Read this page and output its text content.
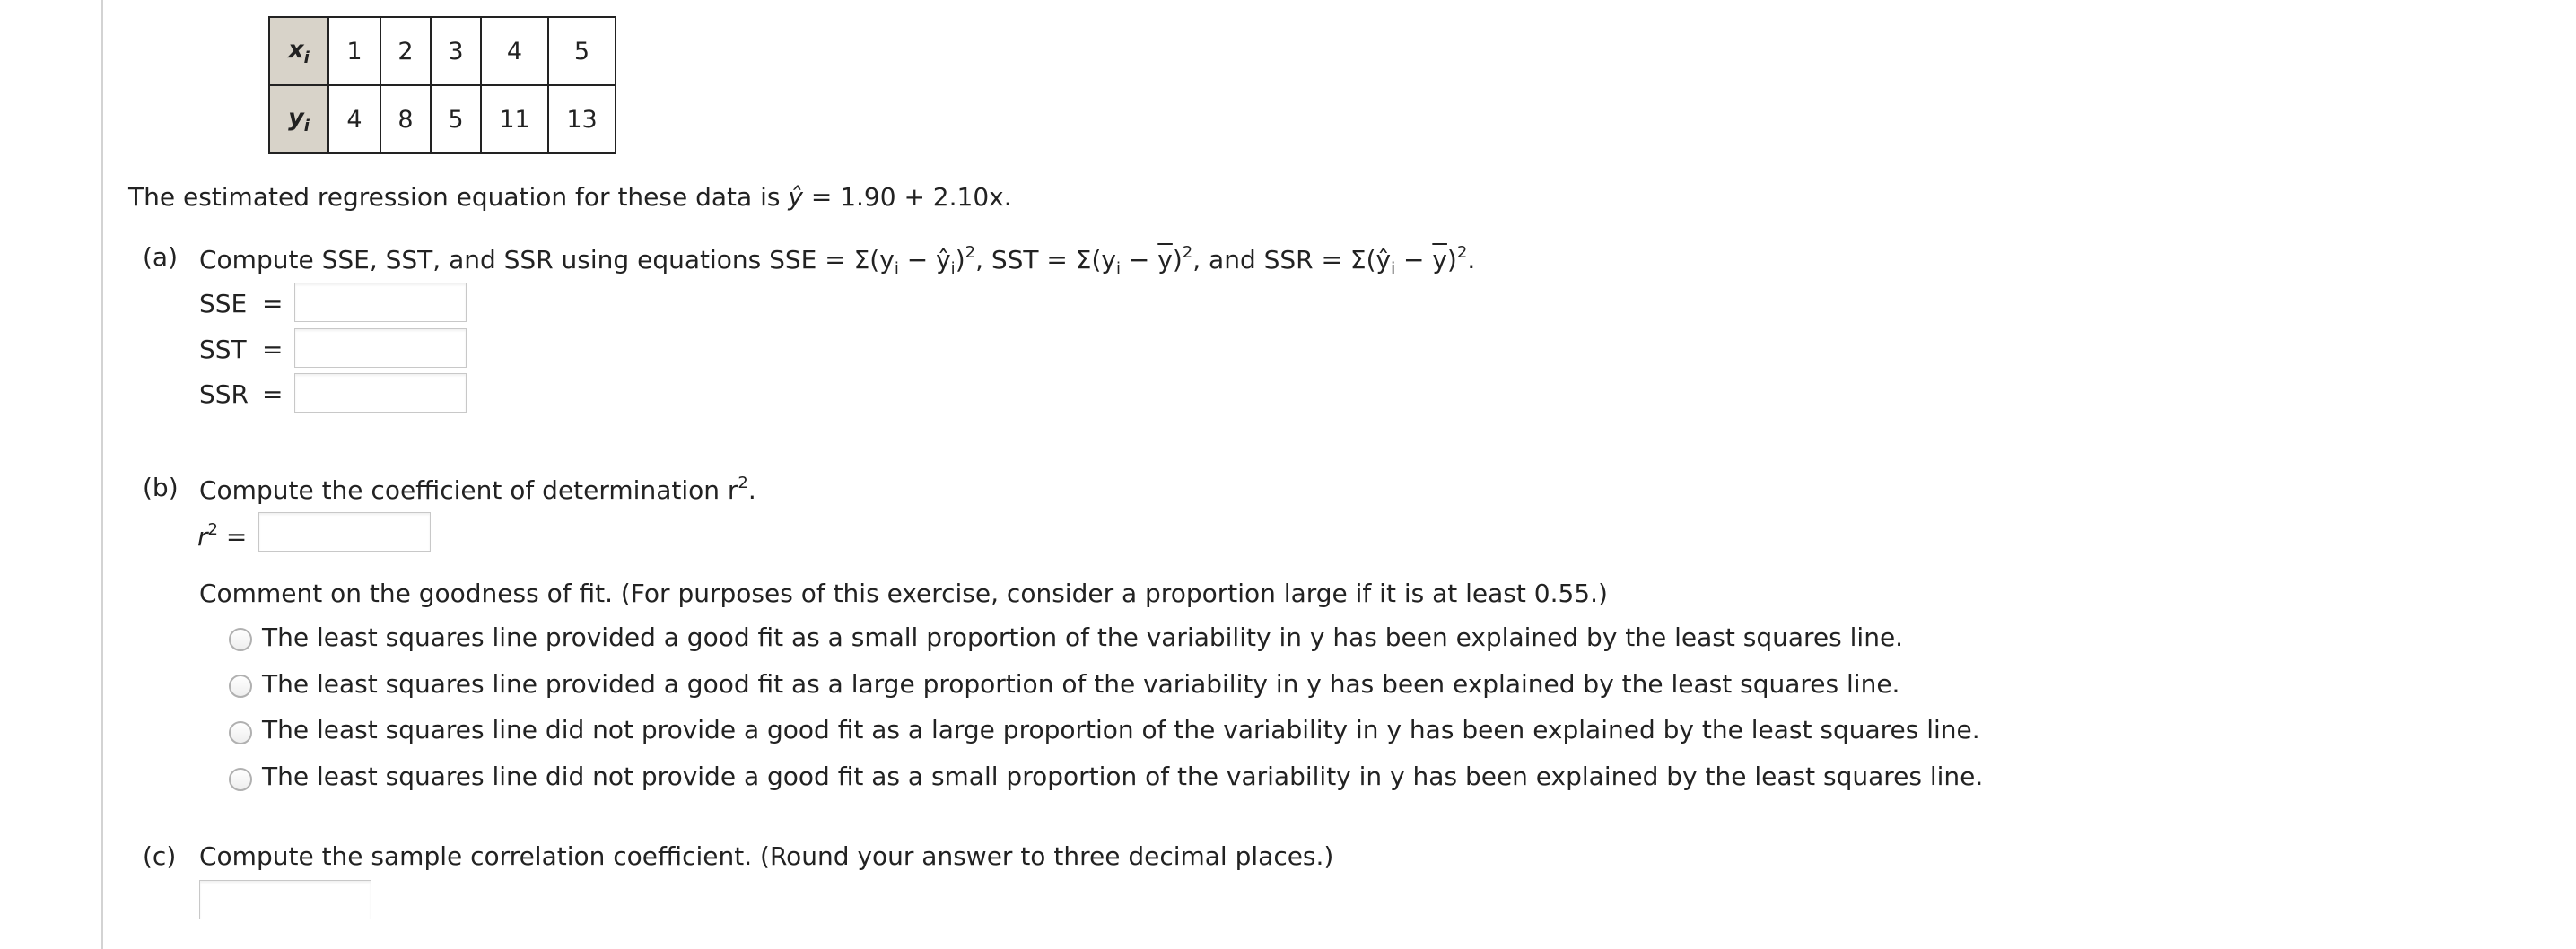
$x_i$	1	2	3	4	5
$y_i$	4	8	5	11	13
The estimated regression equation for these data is ŷ = 1.90 + 2.10x.
(a) Compute SSE, SST, and SSR using equations SSE = $\Sigma(y_i$ − $ŷ_i)^2$, SST = $\Sigma(y_i - \overline{y})^2$, and SSR = $\Sigma(ŷ_i - \overline{y})^2$.
SSE =
SST =
SSR =
(b) Compute the coefficient of determination $r^2$.
$r^2$ =
Comment on the goodness of fit. (For purposes of this exercise, consider a proportion large if it is at least 0.55.)
The least squares line provided a good fit as a small proportion of the variability in y has been explained by the least squares line.
The least squares line provided a good fit as a large proportion of the variability in y has been explained by the least squares line.
The least squares line did not provide a good fit as a large proportion of the variability in y has been explained by the least squares line.
The least squares line did not provide a good fit as a small proportion of the variability in y has been explained by the least squares line.
(c) Compute the sample correlation coefficient. (Round your answer to three decimal places.)
